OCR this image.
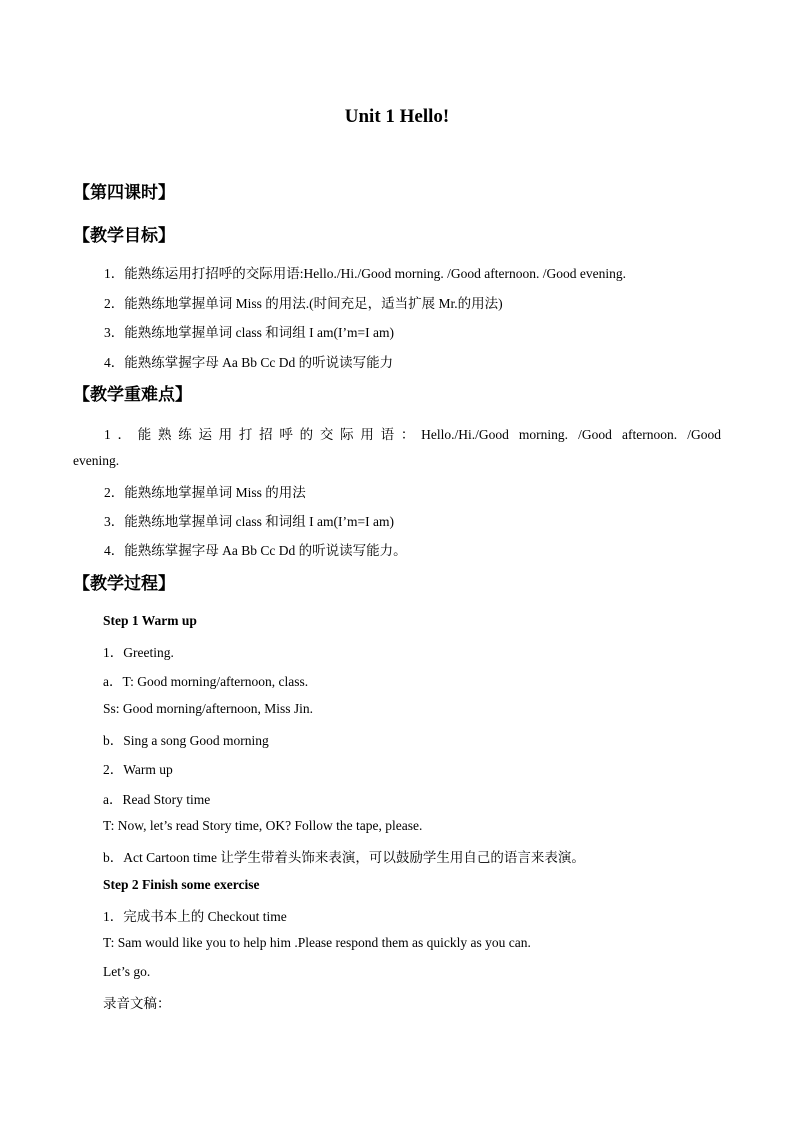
Unit 1 Hello!
【第四课时】
【教学目标】
1．能熟练运用打招呼的交际用语:Hello./Hi./Good morning. /Good afternoon. /Good evening.
2．能熟练地掌握单词 Miss 的用法.(时间充足，适当扩展 Mr.的用法)
3．能熟练地掌握单词 class 和词组 I am(I’m=I am)
4．能熟练掌握字母 Aa Bb Cc Dd 的听说读写能力
【教学重难点】
1．能熟练运用打招呼的交际用语：Hello./Hi./Good morning. /Good afternoon. /Good
evening.
2．能熟练地掌握单词 Miss 的用法
3．能熟练地掌握单词 class 和词组 I am(I’m=I am)
4．能熟练掌握字母 Aa Bb Cc Dd 的听说读写能力。
【教学过程】
Step 1 Warm up
1．Greeting.
a．T: Good morning/afternoon, class.
Ss: Good morning/afternoon, Miss Jin.
b．Sing a song Good morning
2．Warm up
a．Read Story time
T: Now, let’s read Story time, OK? Follow the tape, please.
b．Act Cartoon time 让学生带着头饰来表演，可以鼓励学生用自己的语言来表演。
Step 2 Finish some exercise
1．完成书本上的 Checkout time
T: Sam would like you to help him .Please respond them as quickly as you can.
Let’s go.
录音文稿：
